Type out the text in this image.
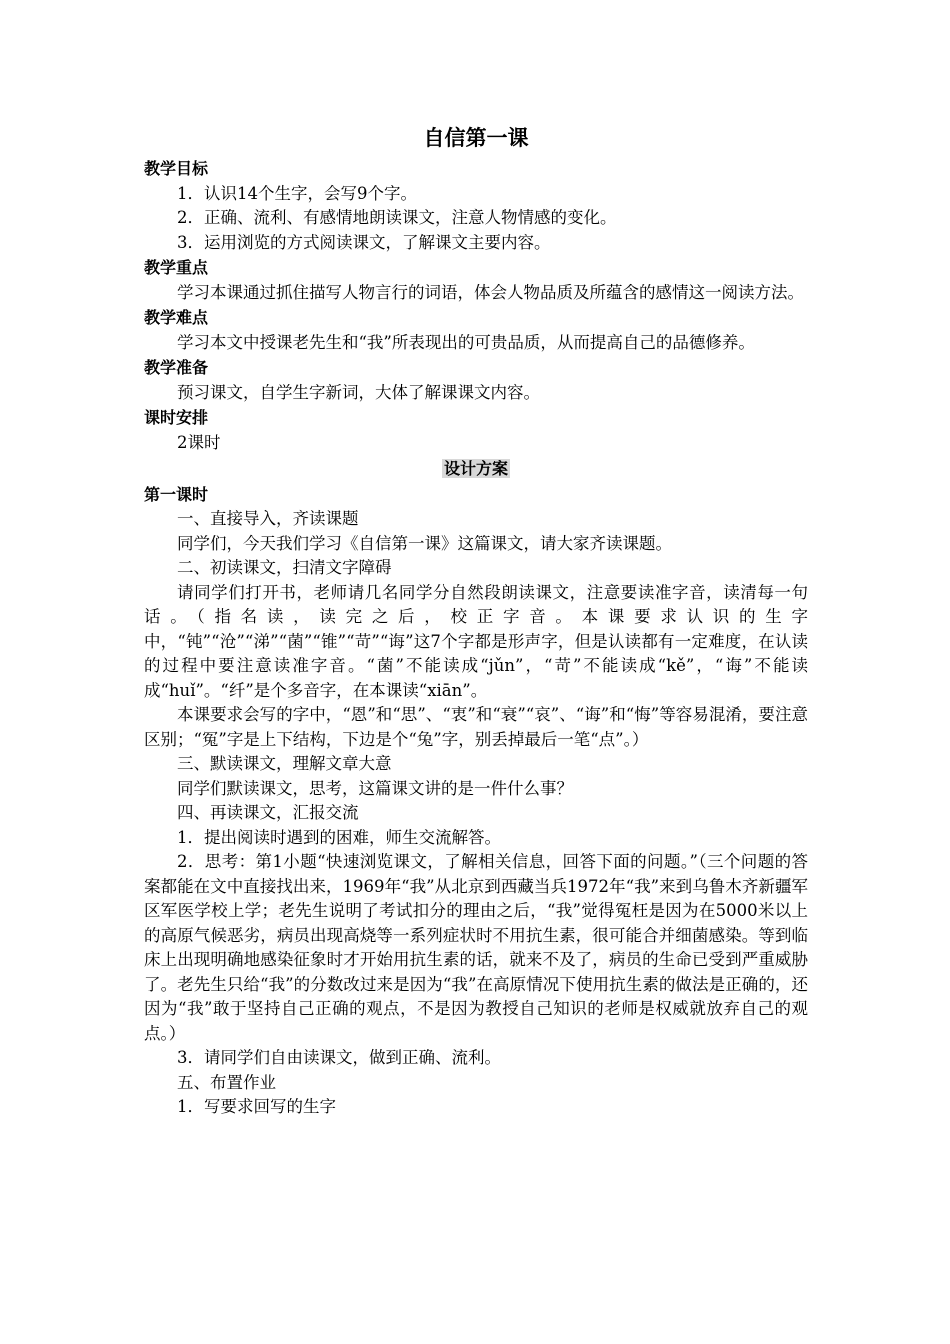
自信第一课
教学目标

1．认识14个生字，会写9个字。

2．正确、流利、有感情地朗读课文，注意人物情感的变化。

3．运用浏览的方式阅读课文，了解课文主要内容。

教学重点

学习本课通过抓住描写人物言行的词语，体会人物品质及所蕴含的感情这一阅读方法。

教学难点

学习本文中授课老先生和“我”所表现出的可贵品质，从而提高自己的品德修养。

教学准备

预习课文，自学生字新词，大体了解课课文内容。

课时安排

2课时

设计方案
第一课时

一、直接导入，齐读课题

同学们，今天我们学习《自信第一课》这篇课文，请大家齐读课题。

二、初读课文，扫清文字障碍

请同学们打开书，老师请几名同学分自然段朗读课文，注意要读准字音，读清每一句话。（指名读，读完之后，校正字音。本课要求认识的生字中，“钝”“沧”“涕”“菌”“锥”“苛”“诲”这7个字都是形声字，但是认读都有一定难度，在认读的过程中要注意读准字音。“菌”不能读成“jǔn”，“苛”不能读成“kě”，“诲”不能读成“huǐ”。“纤”是个多音字，在本课读“xiān”。

本课要求会写的字中，“恩”和“思”、“衷”和“衰”“哀”、“诲”和“悔”等容易混淆，要注意区别；“冤”字是上下结构，下边是个“兔”字，别丢掉最后一笔“点”。）

三、默读课文，理解文章大意

同学们默读课文，思考，这篇课文讲的是一件什么事？

四、再读课文，汇报交流

1．提出阅读时遇到的困难，师生交流解答。

2．思考：第1小题“快速浏览课文，了解相关信息，回答下面的问题。”（三个问题的答案都能在文中直接找出来，1969年“我”从北京到西藏当兵1972年“我”来到乌鲁木齐新疆军区军医学校上学；老先生说明了考试扣分的理由之后，“我”觉得冤枉是因为在5000米以上的高原气候恶劣，病员出现高烧等一系列症状时不用抗生素，很可能合并细菌感染。等到临床上出现明确地感染征象时才开始用抗生素的话，就来不及了，病员的生命已受到严重威胁了。老先生只给“我”的分数改过来是因为“我”在高原情况下使用抗生素的做法是正确的，还因为“我”敢于坚持自己正确的观点，不是因为教授自己知识的老师是权威就放弃自己的观点。）

3．请同学们自由读课文，做到正确、流利。

五、布置作业

1．写要求回写的生字
